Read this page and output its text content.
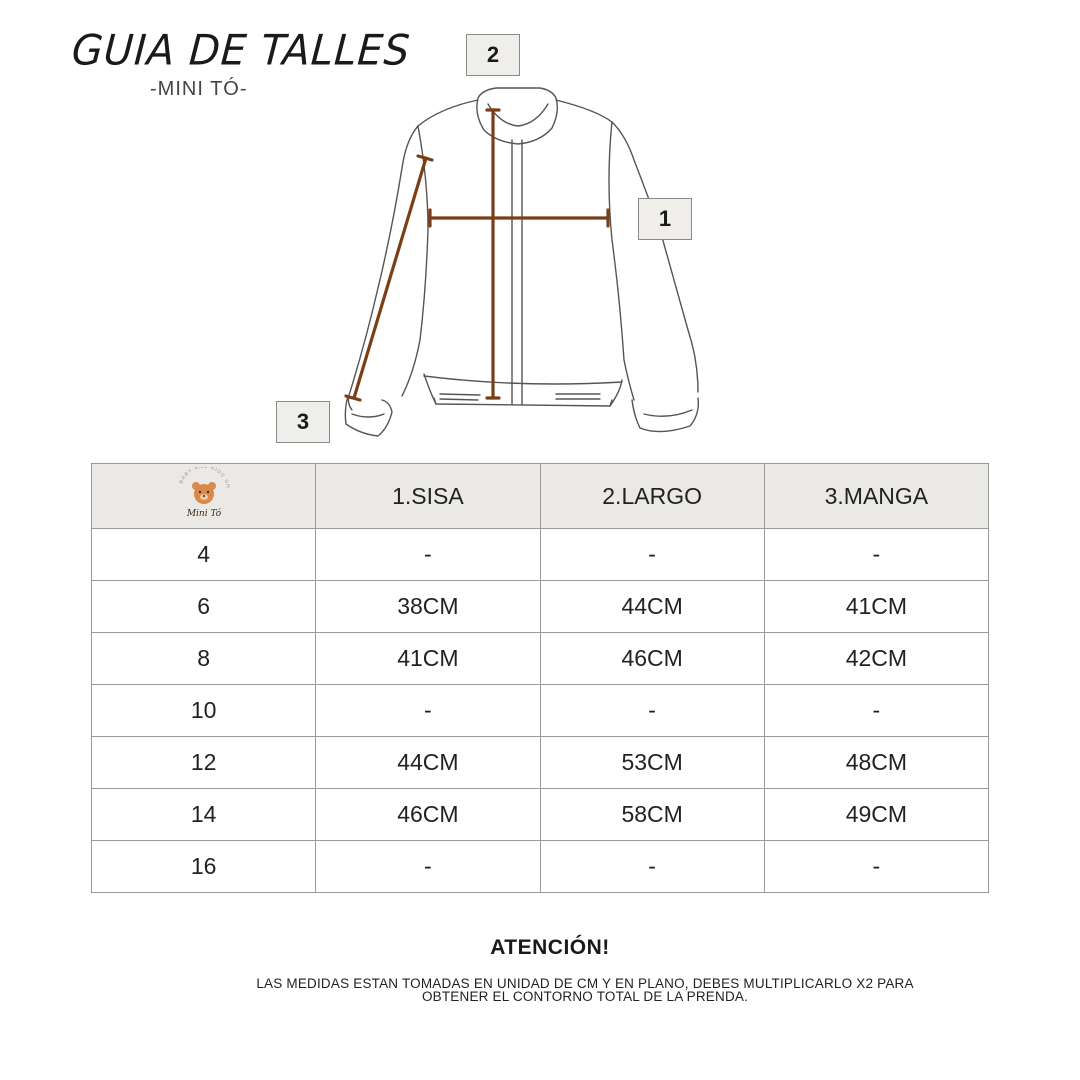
GUIA DE TALLES
-MINI TÓ-
2
1
3
BABY AND KIDS SH
Mini Tó	1.SISA	2.LARGO	3.MANGA
4	-	-	-
6	38CM	44CM	41CM
8	41CM	46CM	42CM
10	-	-	-
12	44CM	53CM	48CM
14	46CM	58CM	49CM
16	-	-	-
ATENCIÓN!
LAS MEDIDAS ESTAN TOMADAS EN UNIDAD DE CM Y EN PLANO, DEBES MULTIPLICARLO X2 PARA
OBTENER EL CONTORNO TOTAL DE LA PRENDA.
